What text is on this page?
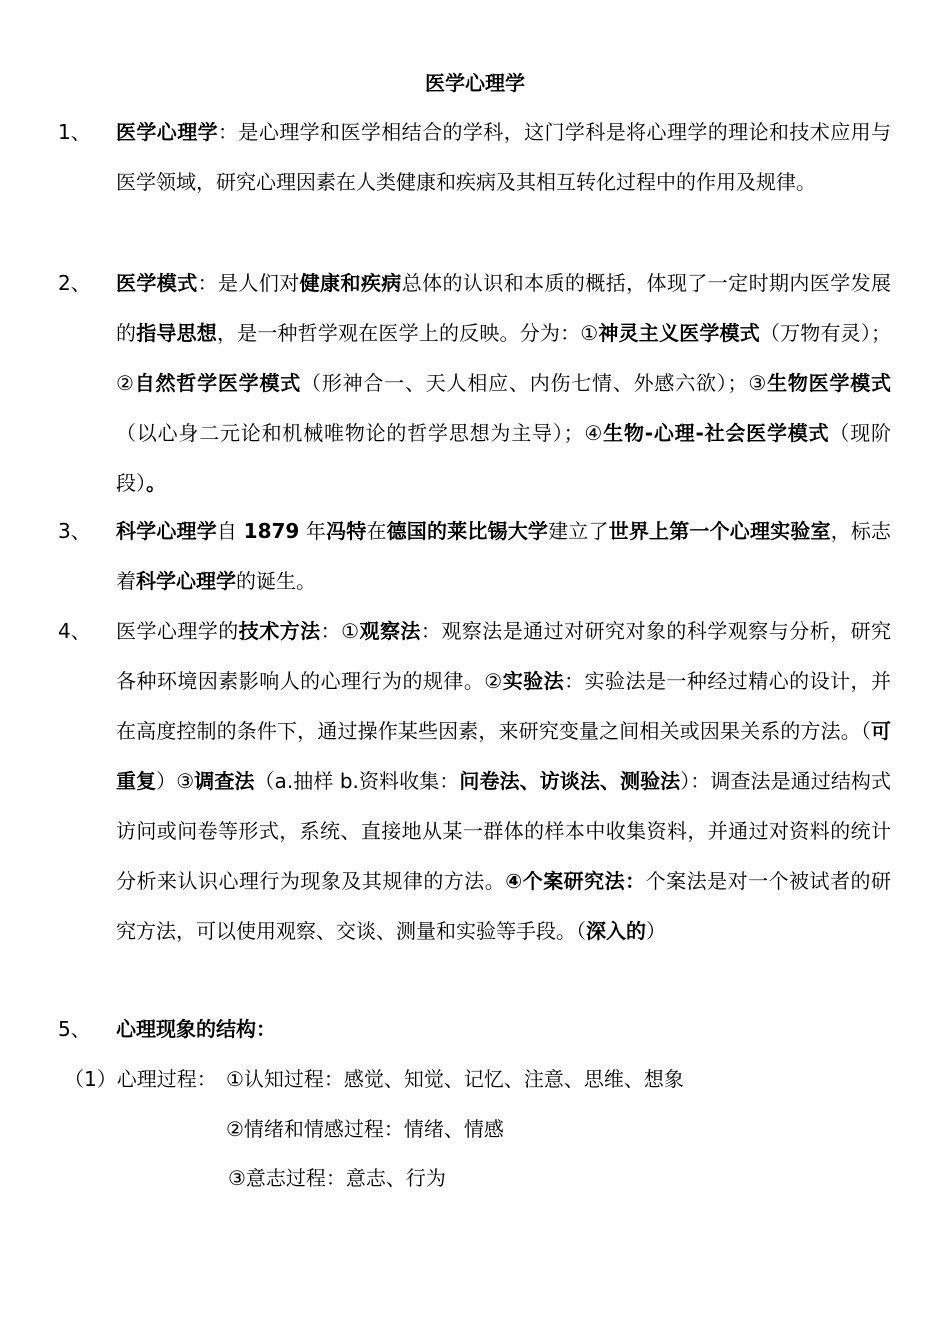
医学心理学
1、 医学心理学：是心理学和医学相结合的学科，这门学科是将心理学的理论和技术应用与医学领域，研究心理因素在人类健康和疾病及其相互转化过程中的作用及规律。
2、 医学模式：是人们对健康和疾病总体的认识和本质的概括，体现了一定时期内医学发展的指导思想，是一种哲学观在医学上的反映。分为：①神灵主义医学模式（万物有灵）；②自然哲学医学模式（形神合一、天人相应、内伤七情、外感六欲）；③生物医学模式（以心身二元论和机械唯物论的哲学思想为主导）；④生物-心理-社会医学模式（现阶段）。
3、 科学心理学自 1879 年冯特在德国的莱比锡大学建立了世界上第一个心理实验室，标志着科学心理学的诞生。
4、 医学心理学的技术方法：①观察法：观察法是通过对研究对象的科学观察与分析，研究各种环境因素影响人的心理行为的规律。②实验法：实验法是一种经过精心的设计，并在高度控制的条件下，通过操作某些因素，来研究变量之间相关或因果关系的方法。（可重复）③调查法（a.抽样 b.资料收集：问卷法、访谈法、测验法）：调查法是通过结构式访问或问卷等形式，系统、直接地从某一群体的样本中收集资料，并通过对资料的统计分析来认识心理行为现象及其规律的方法。④个案研究法：个案法是对一个被试者的研究方法，可以使用观察、交谈、测量和实验等手段。（深入的）
5、 心理现象的结构：
（1）心理过程： ①认知过程：感觉、知觉、记忆、注意、思维、想象
②情绪和情感过程：情绪、情感
③意志过程：意志、行为
